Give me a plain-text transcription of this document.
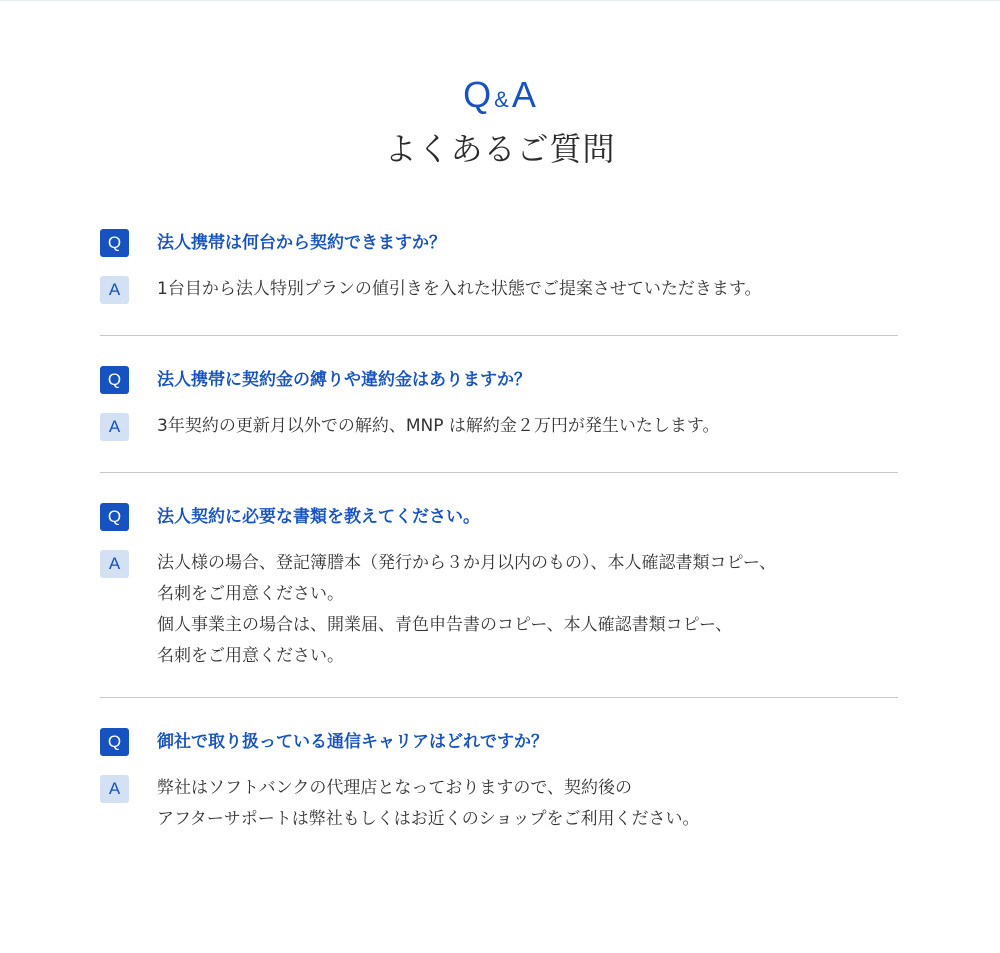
Q&A
よくあるご質問
Q	法人携帯は何台から契約できますか？
A	1台目から法人特別プランの値引きを入れた状態でご提案させていただきます。
Q	法人携帯に契約金の縛りや違約金はありますか？
A	3年契約の更新月以外での解約、MNP は解約金２万円が発生いたします。
Q	法人契約に必要な書類を教えてください。
A	法人様の場合、登記簿謄本（発行から３か月以内のもの）、本人確認書類コピー、
名刺をご用意ください。
個人事業主の場合は、開業届、青色申告書のコピー、本人確認書類コピー、
名刺をご用意ください。
Q	御社で取り扱っている通信キャリアはどれですか？
A	弊社はソフトバンクの代理店となっておりますので、契約後の
アフターサポートは弊社もしくはお近くのショップをご利用ください。
